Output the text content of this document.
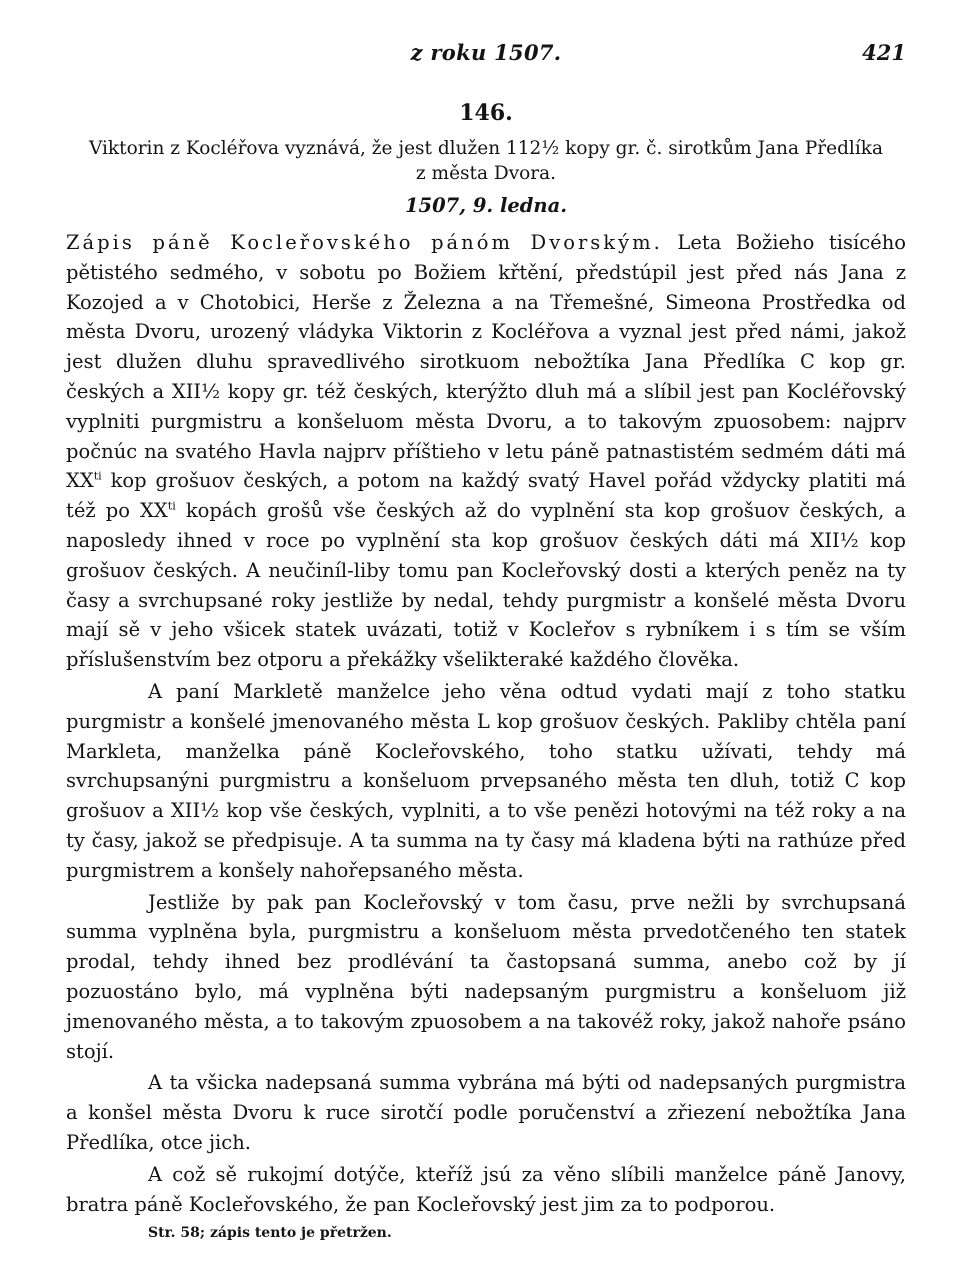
z roku 1507.	421
146.
Viktorin z Kocléřova vyznává, že jest dlužen 112½ kopy gr. č. sirotkům Jana Předlíka
z města Dvora.
1507, 9. ledna.

Zápis páně Kocleřovského pánóm Dvorským. Leta Božieho tisícého pětistého sedmého, v sobotu po Božiem křtění, předstúpil jest před nás Jana z Kozojed a v Chotobici, Herše z Železna a na Třemešné, Simeona Prostředka od města Dvoru, urozený vládyka Viktorin z Kocléřova a vyznal jest před námi, jakož jest dlužen dluhu spravedlivého sirotkuom nebožtíka Jana Předlíka C kop gr. českých a XII½ kopy gr. též českých, kterýžto dluh má a slíbil jest pan Kocléřovský vyplniti purgmistru a konšeluom města Dvoru, a to takovým zpuosobem: najprv počnúc na svatého Havla najprv příštieho v letu páně patnastistém sedmém dáti má $XX^{ti}$ kop grošuov českých, a potom na každý svatý Havel pořád vždycky platiti má též po $XX^{ti}$ kopách grošů vše českých až do vyplnění sta kop grošuov českých, a naposledy ihned v roce po vyplnění sta kop grošuov českých dáti má XII½ kop grošuov českých. A neučiníl-liby tomu pan Kocleřovský dosti a kterých peněz na ty časy a svrchupsané roky jestliže by nedal, tehdy purgmistr a konšelé města Dvoru mají sě v jeho všicek statek uvázati, totiž v Kocleřov s rybníkem i s tím se vším příslušenstvím bez otporu a překážky všelikteraké každého člověka.

A paní Markletě manželce jeho věna odtud vydati mají z toho statku purgmistr a konšelé jmenovaného města L kop grošuov českých. Pakliby chtěla paní Markleta, manželka páně Kocleřovského, toho statku užívati, tehdy má svrchupsanýni purgmistru a konšeluom prvepsaného města ten dluh, totiž C kop grošuov a XII½ kop vše českých, vyplniti, a to vše penězi hotovými na též roky a na ty časy, jakož se předpisuje. A ta summa na ty časy má kladena býti na rathúze před purgmistrem a konšely nahořepsaného města.

Jestliže by pak pan Kocleřovský v tom času, prve nežli by svrchupsaná summa vyplněna byla, purgmistru a konšeluom města prvedotčeného ten statek prodal, tehdy ihned bez prodlévání ta častopsaná summa, anebo což by jí pozuostáno bylo, má vyplněna býti nadepsaným purgmistru a konšeluom již jmenovaného města, a to takovým zpuosobem a na takovéž roky, jakož nahoře psáno stojí.

A ta všicka nadepsaná summa vybrána má býti od nadepsaných purgmistra a konšel města Dvoru k ruce sirotčí podle poručenství a zřiezení nebožtíka Jana Předlíka, otce jich.

A což sě rukojmí dotýče, kteříž jsú za věno slíbili manželce páně Janovy, bratra páně Kocleřovského, že pan Kocleřovský jest jim za to podporou.

Str. 58; zápis tento je přetržen.
